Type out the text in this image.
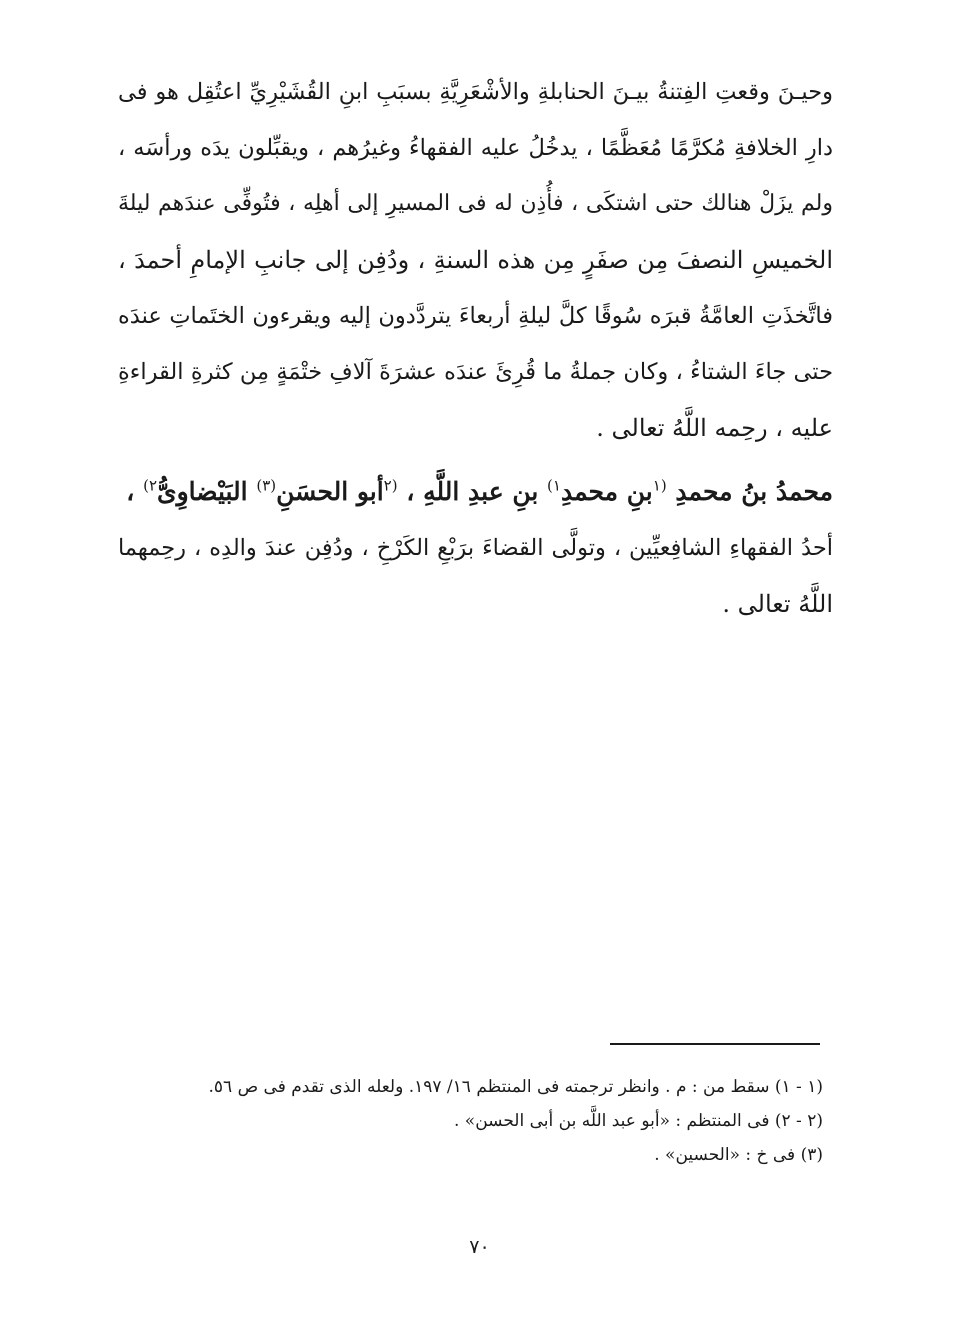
وحيـنَ وقعتِ الفِتنةُ بيـنَ الحنابلةِ والأشْعَرِيَّةِ بسبَبِ ابنِ القُشَيْرِيِّ اعتُقِل هو فى
دارِ الخلافةِ مُكرَّمًا مُعَظَّمًا ، يدخُلُ عليه الفقهاءُ وغيرُهم ، ويقبِّلون يدَه ورأسَه ،
ولم يزَلْ هنالك حتى اشتكَى ، فأُذِن له فى المسيرِ إلى أهلِه ، فتُوفِّى عندَهم ليلةَ
الخميسِ النصفَ مِن صفَرٍ مِن هذه السنةِ ، ودُفِن إلى جانبِ الإمامِ أحمدَ ،
فاتَّخذَتِ العامَّةُ قبرَه سُوقًا كلَّ ليلةِ أربعاءَ يتردَّدون إليه ويقرءون الختَماتِ عندَه
حتى جاءَ الشتاءُ ، وكان جملةُ ما قُرِئَ عندَه عشرَةَ آلافِ ختْمَةٍ مِن كثرةِ القراءةِ
عليه ، رحِمه اللَّهُ تعالى .
محمدُ بنُ محمدِ $^{(١}$بنِ محمدِ$^{١)}$ بنِ عبدِ اللَّهِ ، $^{(٢}$أبو الحسَنِ$^{(٣)}$ البَيْضاوِىُّ$^{٢)}$ ،
أحدُ الفقهاءِ الشافِعيِّين ، وتولَّى القضاءَ برَبْعِ الكَرْخِ ، ودُفِن عندَ والدِه ، رحِمهما
اللَّهُ تعالى .
(١ - ١) سقط من : م . وانظر ترجمته فى المنتظم ١٦/ ١٩٧. ولعله الذى تقدم فى ص ٥٦.
(٢ - ٢) فى المنتظم : «أبو عبد اللَّه بن أبى الحسن» .
(٣) فى خ : «الحسين» .
٧٠
